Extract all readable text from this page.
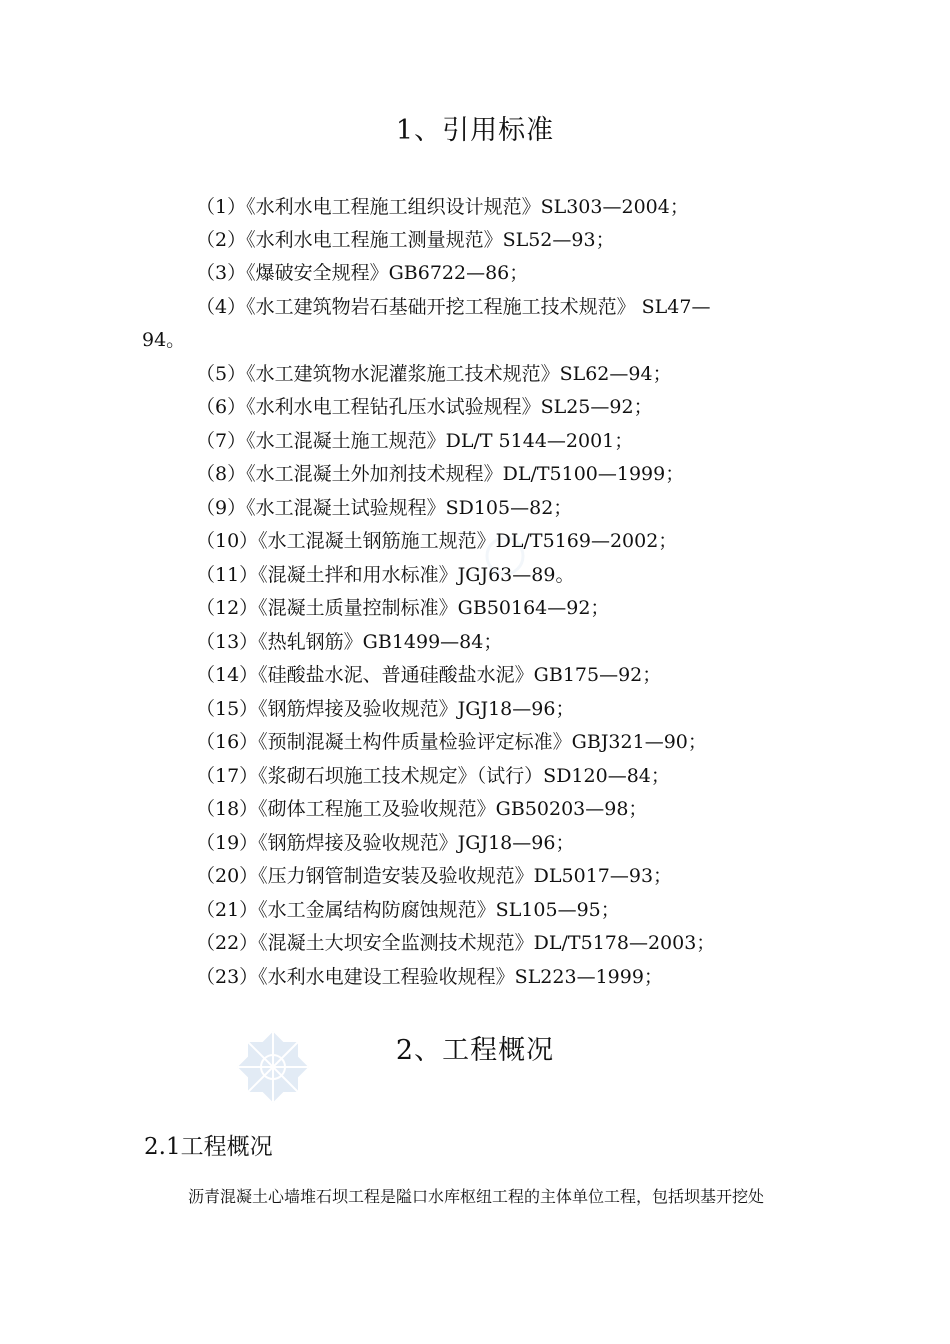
1、引用标准
（1）《水利水电工程施工组织设计规范》SL303—2004；
（2）《水利水电工程施工测量规范》SL52—93；
（3）《爆破安全规程》GB6722—86；
（4）《水工建筑物岩石基础开挖工程施工技术规范》 SL47—
94。
（5）《水工建筑物水泥灌浆施工技术规范》SL62—94；
（6）《水利水电工程钻孔压水试验规程》SL25—92；
（7）《水工混凝土施工规范》DL/T 5144—2001；
（8）《水工混凝土外加剂技术规程》DL/T5100—1999；
（9）《水工混凝土试验规程》SD105—82；
（10）《水工混凝土钢筋施工规范》DL/T5169—2002；
（11）《混凝土拌和用水标准》JGJ63—89。
（12）《混凝土质量控制标准》GB50164—92；
（13）《热轧钢筋》GB1499—84；
（14）《硅酸盐水泥、普通硅酸盐水泥》GB175—92；
（15）《钢筋焊接及验收规范》JGJ18—96；
（16）《预制混凝土构件质量检验评定标准》GBJ321—90；
（17）《浆砌石坝施工技术规定》（试行）SD120—84；
（18）《砌体工程施工及验收规范》GB50203—98；
（19）《钢筋焊接及验收规范》JGJ18—96；
（20）《压力钢管制造安装及验收规范》DL5017—93；
（21）《水工金属结构防腐蚀规范》SL105—95；
（22）《混凝土大坝安全监测技术规范》DL/T5178—2003；
（23）《水利水电建设工程验收规程》SL223—1999；
2、工程概况
2.1工程概况
沥青混凝土心墙堆石坝工程是隘口水库枢纽工程的主体单位工程，包括坝基开挖处
